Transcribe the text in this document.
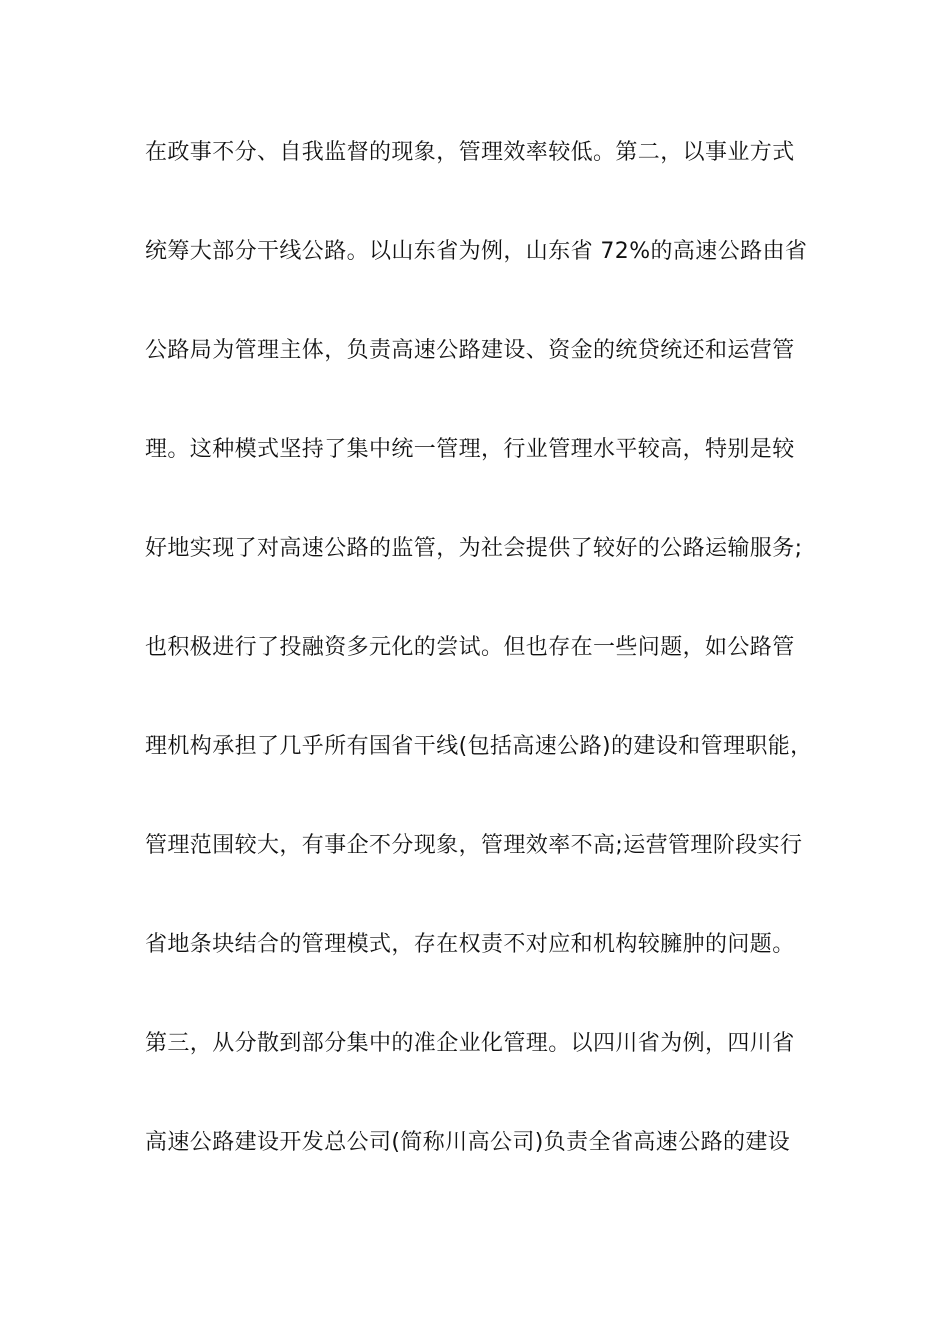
在政事不分、自我监督的现象，管理效率较低。第二，以事业方式
统筹大部分干线公路。以山东省为例，山东省 72%的高速公路由省
公路局为管理主体，负责高速公路建设、资金的统贷统还和运营管
理。这种模式坚持了集中统一管理，行业管理水平较高，特别是较
好地实现了对高速公路的监管，为社会提供了较好的公路运输服务;
也积极进行了投融资多元化的尝试。但也存在一些问题，如公路管
理机构承担了几乎所有国省干线(包括高速公路)的建设和管理职能，
管理范围较大，有事企不分现象，管理效率不高;运营管理阶段实行
省地条块结合的管理模式，存在权责不对应和机构较臃肿的问题。
第三，从分散到部分集中的准企业化管理。以四川省为例，四川省
高速公路建设开发总公司(简称川高公司)负责全省高速公路的建设
